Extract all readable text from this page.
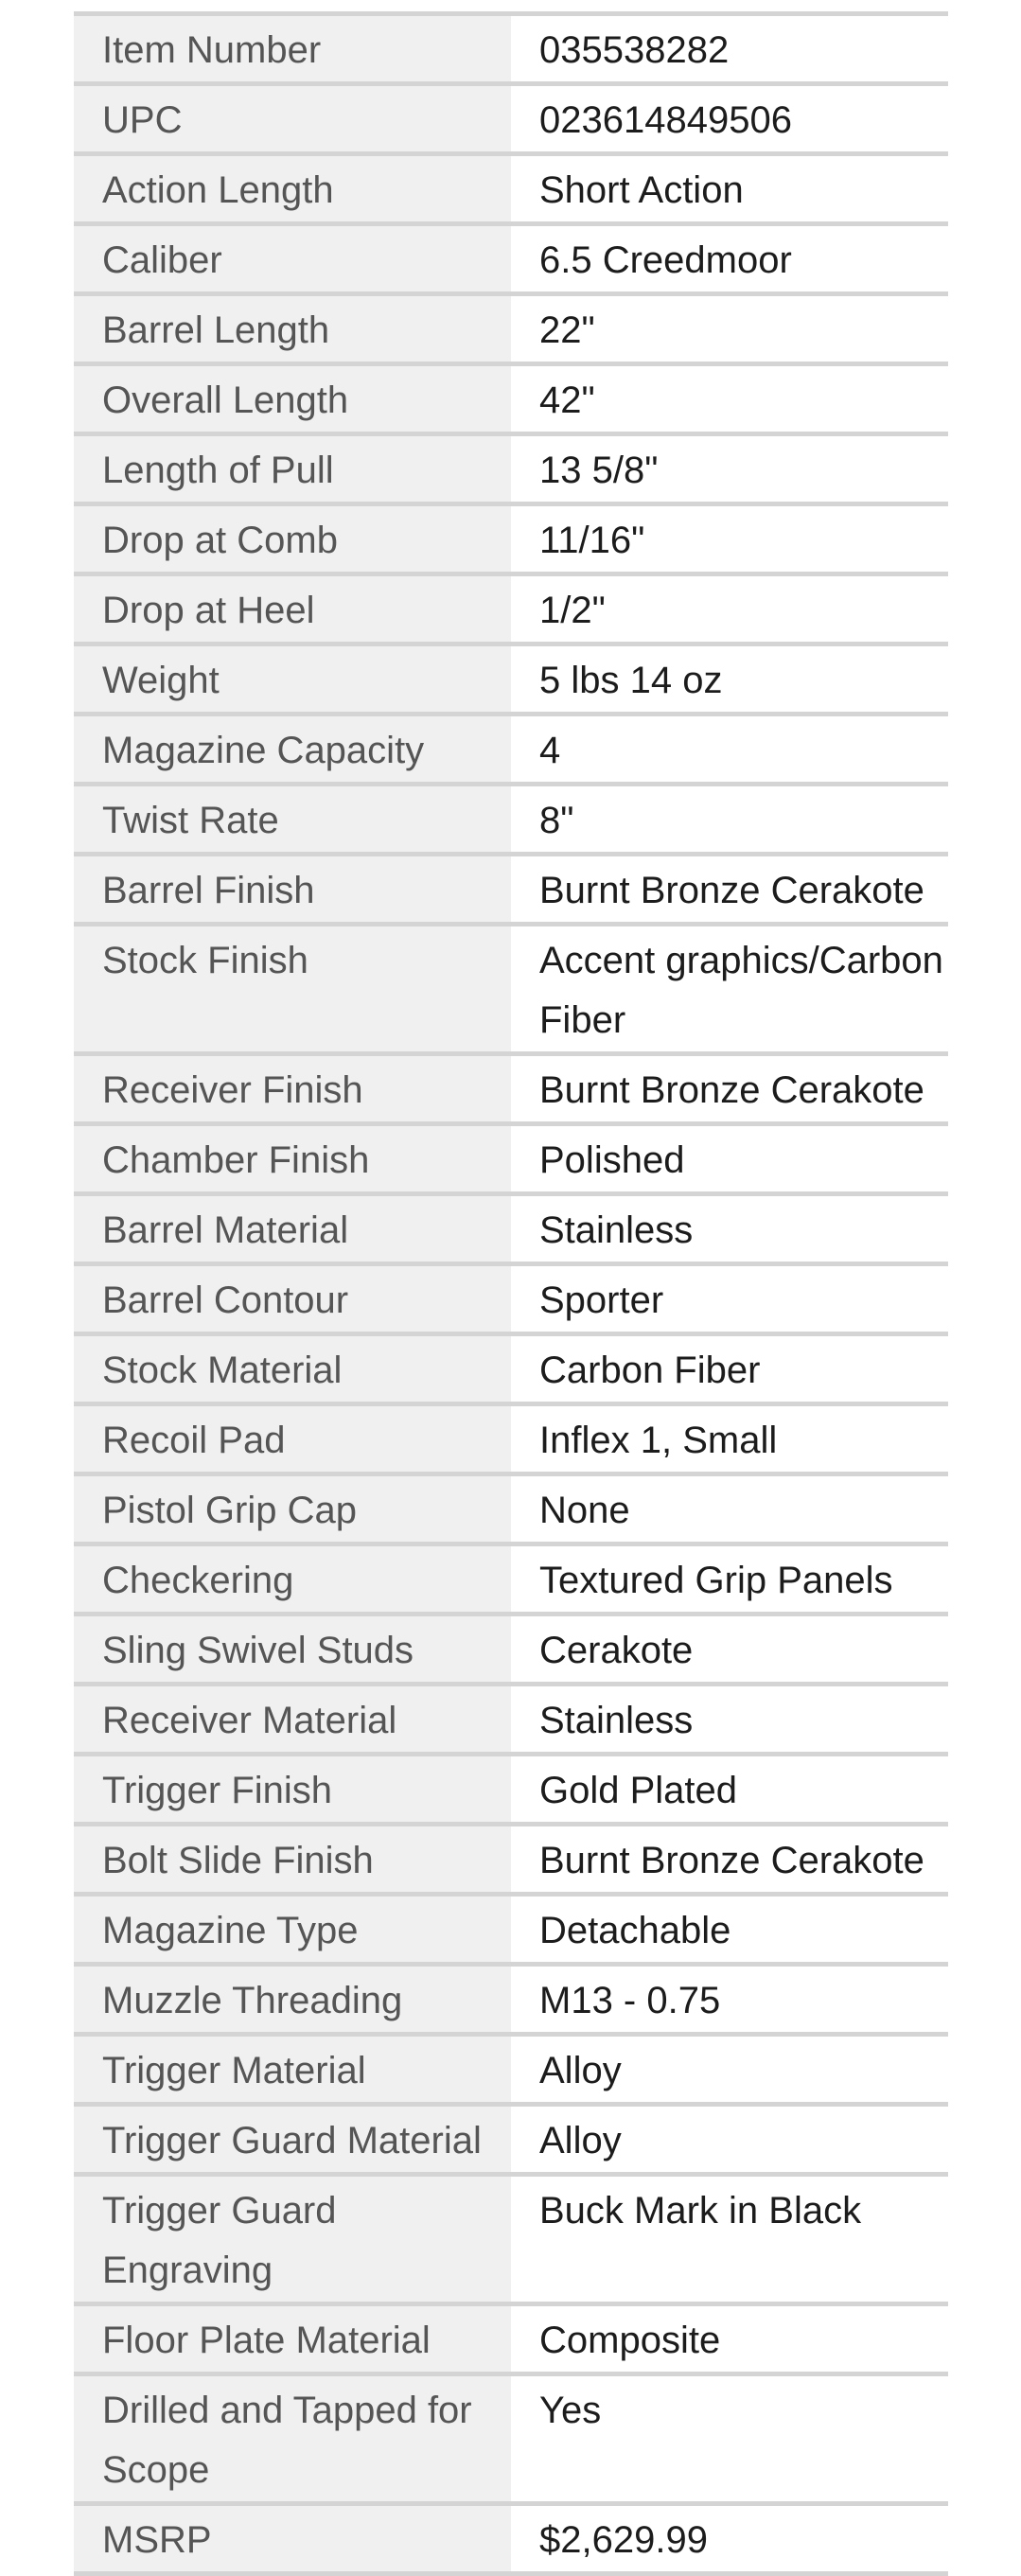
Item Number	035538282
UPC	023614849506
Action Length	Short Action
Caliber	6.5 Creedmoor
Barrel Length	22"
Overall Length	42"
Length of Pull	13 5/8"
Drop at Comb	11/16"
Drop at Heel	1/2"
Weight	5 lbs 14 oz
Magazine Capacity	4
Twist Rate	8"
Barrel Finish	Burnt Bronze Cerakote
Stock Finish	Accent graphics/Carbon Fiber
Receiver Finish	Burnt Bronze Cerakote
Chamber Finish	Polished
Barrel Material	Stainless
Barrel Contour	Sporter
Stock Material	Carbon Fiber
Recoil Pad	Inflex 1, Small
Pistol Grip Cap	None
Checkering	Textured Grip Panels
Sling Swivel Studs	Cerakote
Receiver Material	Stainless
Trigger Finish	Gold Plated
Bolt Slide Finish	Burnt Bronze Cerakote
Magazine Type	Detachable
Muzzle Threading	M13 - 0.75
Trigger Material	Alloy
Trigger Guard Material	Alloy
Trigger Guard Engraving	Buck Mark in Black
Floor Plate Material	Composite
Drilled and Tapped for Scope	Yes
MSRP	$2,629.99
